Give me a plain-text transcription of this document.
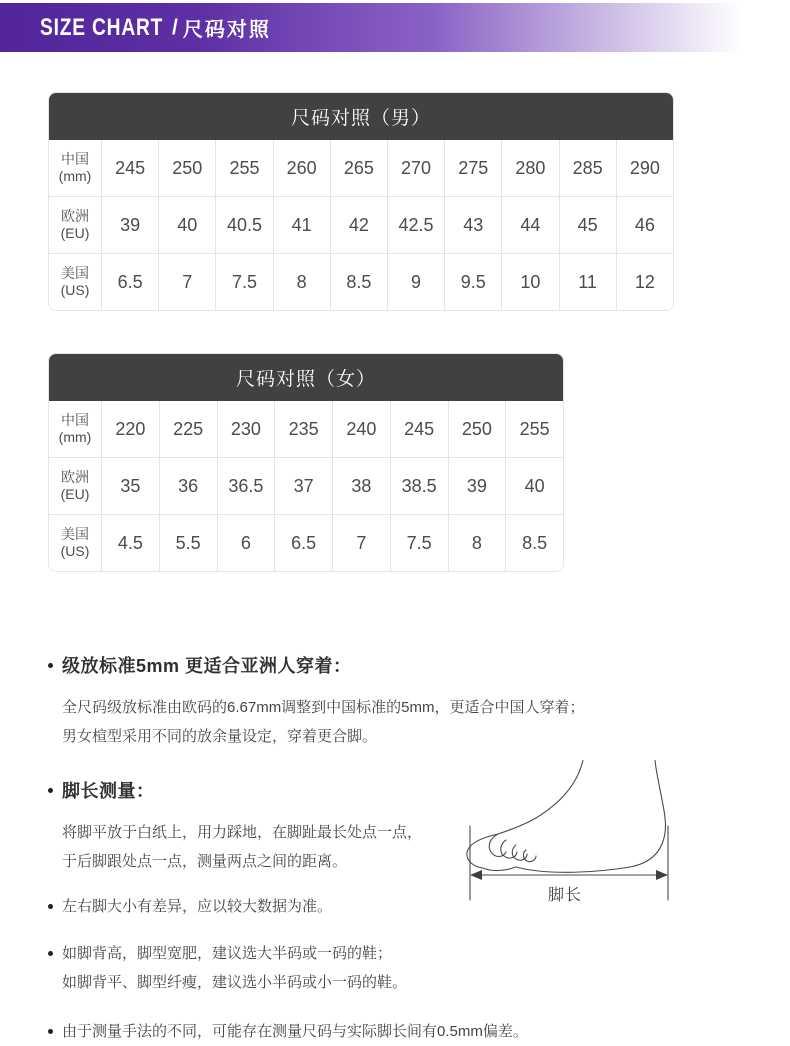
SIZE CHART / 尺码对照
尺码对照（男）										

中国
(mm)	245	250	255	260	265	270	275	280	285	290

欧洲
(EU)	39	40	40.5	41	42	42.5	43	44	45	46

美国
(US)	6.5	7	7.5	8	8.5	9	9.5	10	11	12
尺码对照（女）								

中国
(mm)	220	225	230	235	240	245	250	255

欧洲
(EU)	35	36	36.5	37	38	38.5	39	40

美国
(US)	4.5	5.5	6	6.5	7	7.5	8	8.5
级放标准5mm 更适合亚洲人穿着：
全尺码级放标准由欧码的6.67mm调整到中国标准的5mm，更适合中国人穿着；
男女楦型采用不同的放余量设定，穿着更合脚。
脚长测量：
将脚平放于白纸上，用力踩地，在脚趾最长处点一点，
于后脚跟处点一点，测量两点之间的距离。
左右脚大小有差异，应以较大数据为准。
如脚背高，脚型宽肥，建议选大半码或一码的鞋；
如脚背平、脚型纤瘦，建议选小半码或小一码的鞋。
由于测量手法的不同，可能存在测量尺码与实际脚长间有0.5mm偏差。
脚长
